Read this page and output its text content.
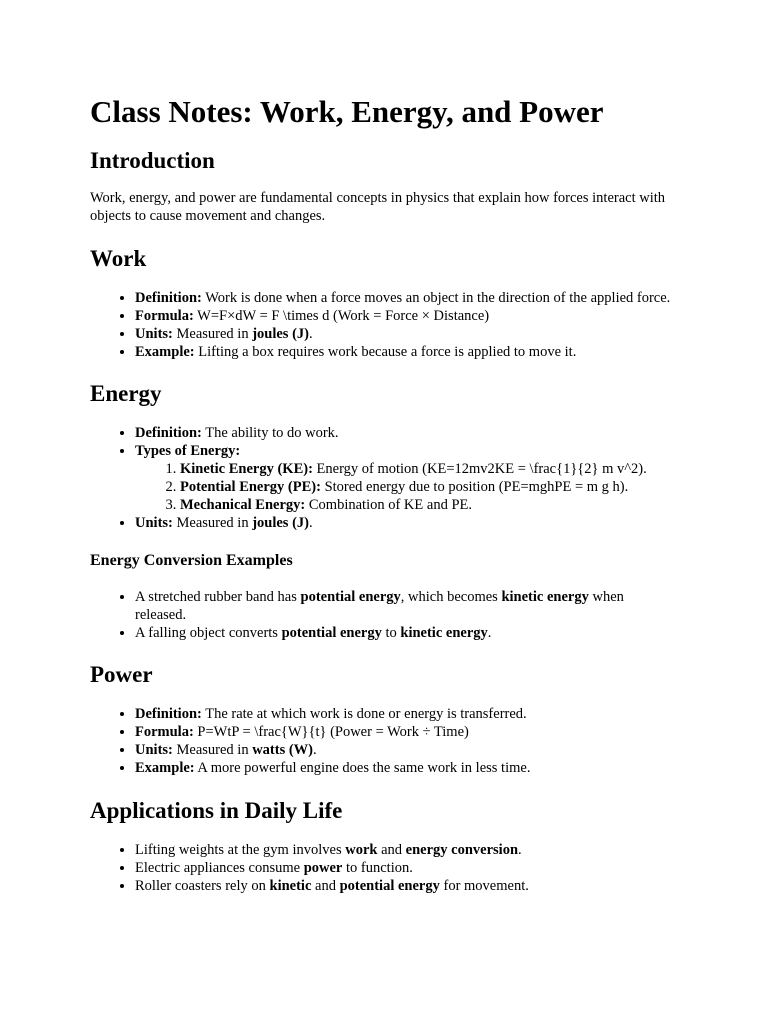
Class Notes: Work, Energy, and Power
Introduction

Work, energy, and power are fundamental concepts in physics that explain how forces interact with objects to cause movement and changes.

Work
• Definition: Work is done when a force moves an object in the direction of the applied force.
• Formula: W=F×dW = F \times d (Work = Force × Distance)
• Units: Measured in joules (J).
• Example: Lifting a box requires work because a force is applied to move it.
Energy
• Definition: The ability to do work.
• Types of Energy:
1. Kinetic Energy (KE): Energy of motion (KE=12mv2KE = \frac{1}{2} m v^2).
2. Potential Energy (PE): Stored energy due to position (PE=mghPE = m g h).
3. Mechanical Energy: Combination of KE and PE.
• Units: Measured in joules (J).
Energy Conversion Examples
• A stretched rubber band has potential energy, which becomes kinetic energy when released.
• A falling object converts potential energy to kinetic energy.
Power
• Definition: The rate at which work is done or energy is transferred.
• Formula: P=WtP = \frac{W}{t} (Power = Work ÷ Time)
• Units: Measured in watts (W).
• Example: A more powerful engine does the same work in less time.
Applications in Daily Life
• Lifting weights at the gym involves work and energy conversion.
• Electric appliances consume power to function.
• Roller coasters rely on kinetic and potential energy for movement.
